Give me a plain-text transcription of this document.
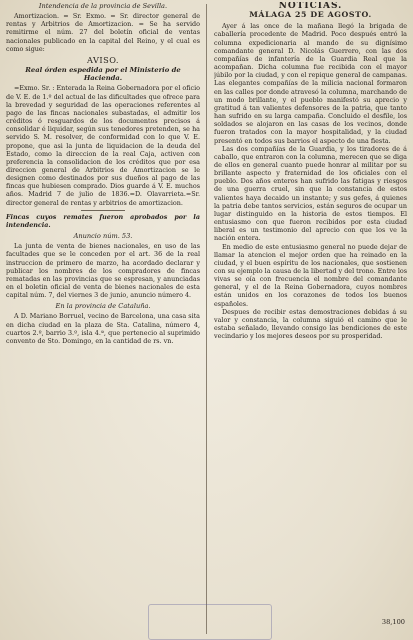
Intendencia de la provincia de Sevilla.

Amortizacion. = Sr. Exmo. = Sr. director general de rentas y Arbitrios de Amortizacion. = Se ha servido remitirme el núm. 27 del boletín oficial de ventas nacionales publicado en la capital del Reino, y el cual es como sigue:

AVISO.
Real órden espedida por el Ministerio de Hacienda.

=Exmo. Sr. : Enterada la Reina Gobernadora por el oficio de V. E. de 1.º del actual de las dificultades que ofrece para la brevedad y seguridad de las operaciones referentes al pago de las fincas nacionales subastadas, el admitir los créditos ó resguardos de los documentos precisos á consolidar é liquidar, según sus tenedores pretenden, se ha servido S. M. resolver, de conformidad con lo que V. E. propone, que asi la junta de liquidacion de la deuda del Estado, como la direccion de la real Caja, activen con preferencia la consolidacion de los créditos que por esa direccion general de Arbitrios de Amortizacion se le designen como destinados por sus dueños al pago de las fincas que hubiesen comprado. Dios guarde á V. E. muchos años. Madrid 7 de julio de 1836.=D. Olavarrieta.=Sr. director general de rentas y arbitrios de amortizacion.

Fincas cuyos remates fueron aprobados por la intendencia.

Anuncio núm. 53.

La junta de venta de bienes nacionales, en uso de las facultades que se le conceden por el art. 36 de la real instruccion de primero de marzo, ha acordado declarar y publicar los nombres de los compradores de fincas rematadas en las provincias que se espresan, y anunciadas en el boletin oficial de venta de bienes nacionales de esta capital núm. 7, del viernes 3 de junio, anuncio número 4.

En la provincia de Cataluña.

A D. Mariano Borruel, vecino de Barcelona, una casa sita en dicha ciudad en la plaza de Sta. Catalina, número 4, cuartos 2.º, barrio 3.º, isla 4.ª, que pertenecio al suprimido convento de Sto. Domingo, en la cantidad de rs. vn.

38,100
NOTICIAS.
MÁLAGA 25 DE AGOSTO.

Ayer á las once de la mañana llegó la brigada de caballería procedente de Madrid. Poco después entró la columna expedicionaria al mando de su dignísimo comandante general D. Nicolás Guerrero, con las dos compañías de infantería de la Guardia Real que la acompañan. Dicha columna fue recibida con el mayor júbilo por la ciudad, y con el repique general de campanas. Las elegantes compañías de la milicia nacional formaron en las calles por donde atravesó la columna, marchando de un modo brillante, y el pueblo manifestó su aprecio y gratitud á tan valientes defensores de la patria, que tanto han sufrido en su larga campaña. Concluido el desfile, los soldados se alojaron en las casas de los vecinos, donde fueron tratados con la mayor hospitalidad, y la ciudad presentó en todos sus barrios el aspecto de una fiesta.

Las dos compañías de la Guardia, y los tiradores de á caballo, que entraron con la columna, merecen que se diga de ellos en general cuanto puede honrar al militar por su brillante aspecto y fraternidad de los oficiales con el pueblo. Dos años enteros han sufrido las fatigas y riesgos de una guerra cruel, sin que la constancia de estos valientes haya decaido un instante; y sus gefes, á quienes la patria debe tantos servicios, están seguros de ocupar un lugar distinguido en la historia de estos tiempos. El entusiasmo con que fueron recibidos por esta ciudad liberal es un testimonio del aprecio con que los ve la nación entera.

En medio de este entusiasmo general no puede dejar de llamar la atencion el mejor orden que ha reinado en la ciudad, y el buen espíritu de los nacionales, que sostienen con su ejemplo la causa de la libertad y del trono. Entre los vivas se oía con frecuencia el nombre del comandante general, y el de la Reina Gobernadora, cuyos nombres están unidos en los corazones de todos los buenos españoles.

Despues de recibir estas demostraciones debidas á su valor y constancia, la columna siguió el camino que le estaba señalado, llevando consigo las bendiciones de este vecindario y los mejores deseos por su prosperidad.
